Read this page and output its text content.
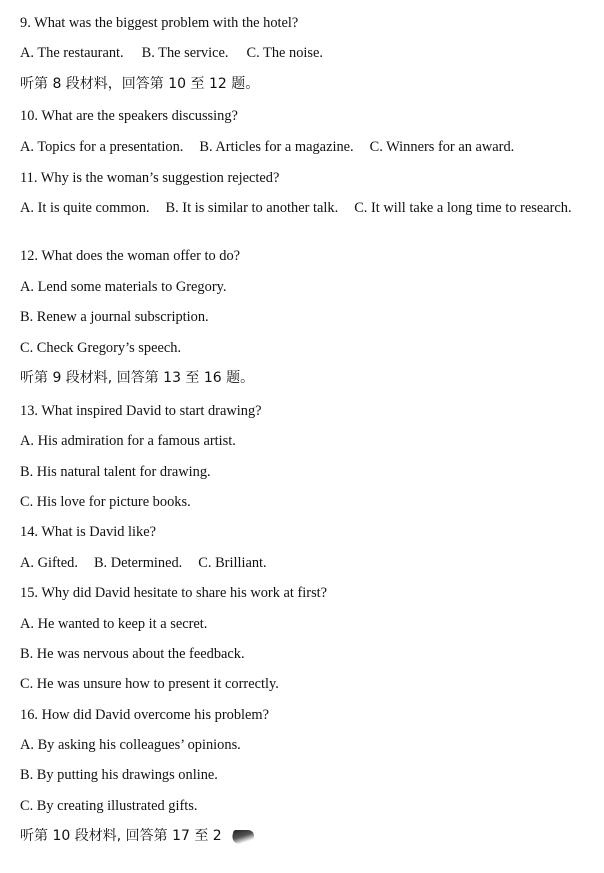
9. What was the biggest problem with the hotel?
A. The restaurant. B. The service. C. The noise.
听第 8 段材料，回答第 10 至 12 题。
10. What are the speakers discussing?
A. Topics for a presentation. B. Articles for a magazine. C. Winners for an award.
11. Why is the woman’s suggestion rejected?
A. It is quite common. B. It is similar to another talk. C. It will take a long time to research.
12. What does the woman offer to do?
A. Lend some materials to Gregory.
B. Renew a journal subscription.
C. Check Gregory’s speech.
听第 9 段材料, 回答第 13 至 16 题。
13. What inspired David to start drawing?
A. His admiration for a famous artist.
B. His natural talent for drawing.
C. His love for picture books.
14. What is David like?
A. Gifted. B. Determined. C. Brilliant.
15. Why did David hesitate to share his work at first?
A. He wanted to keep it a secret.
B. He was nervous about the feedback.
C. He was unsure how to present it correctly.
16. How did David overcome his problem?
A. By asking his colleagues’ opinions.
B. By putting his drawings online.
C. By creating illustrated gifts.
听第 10 段材料, 回答第 17 至 2
